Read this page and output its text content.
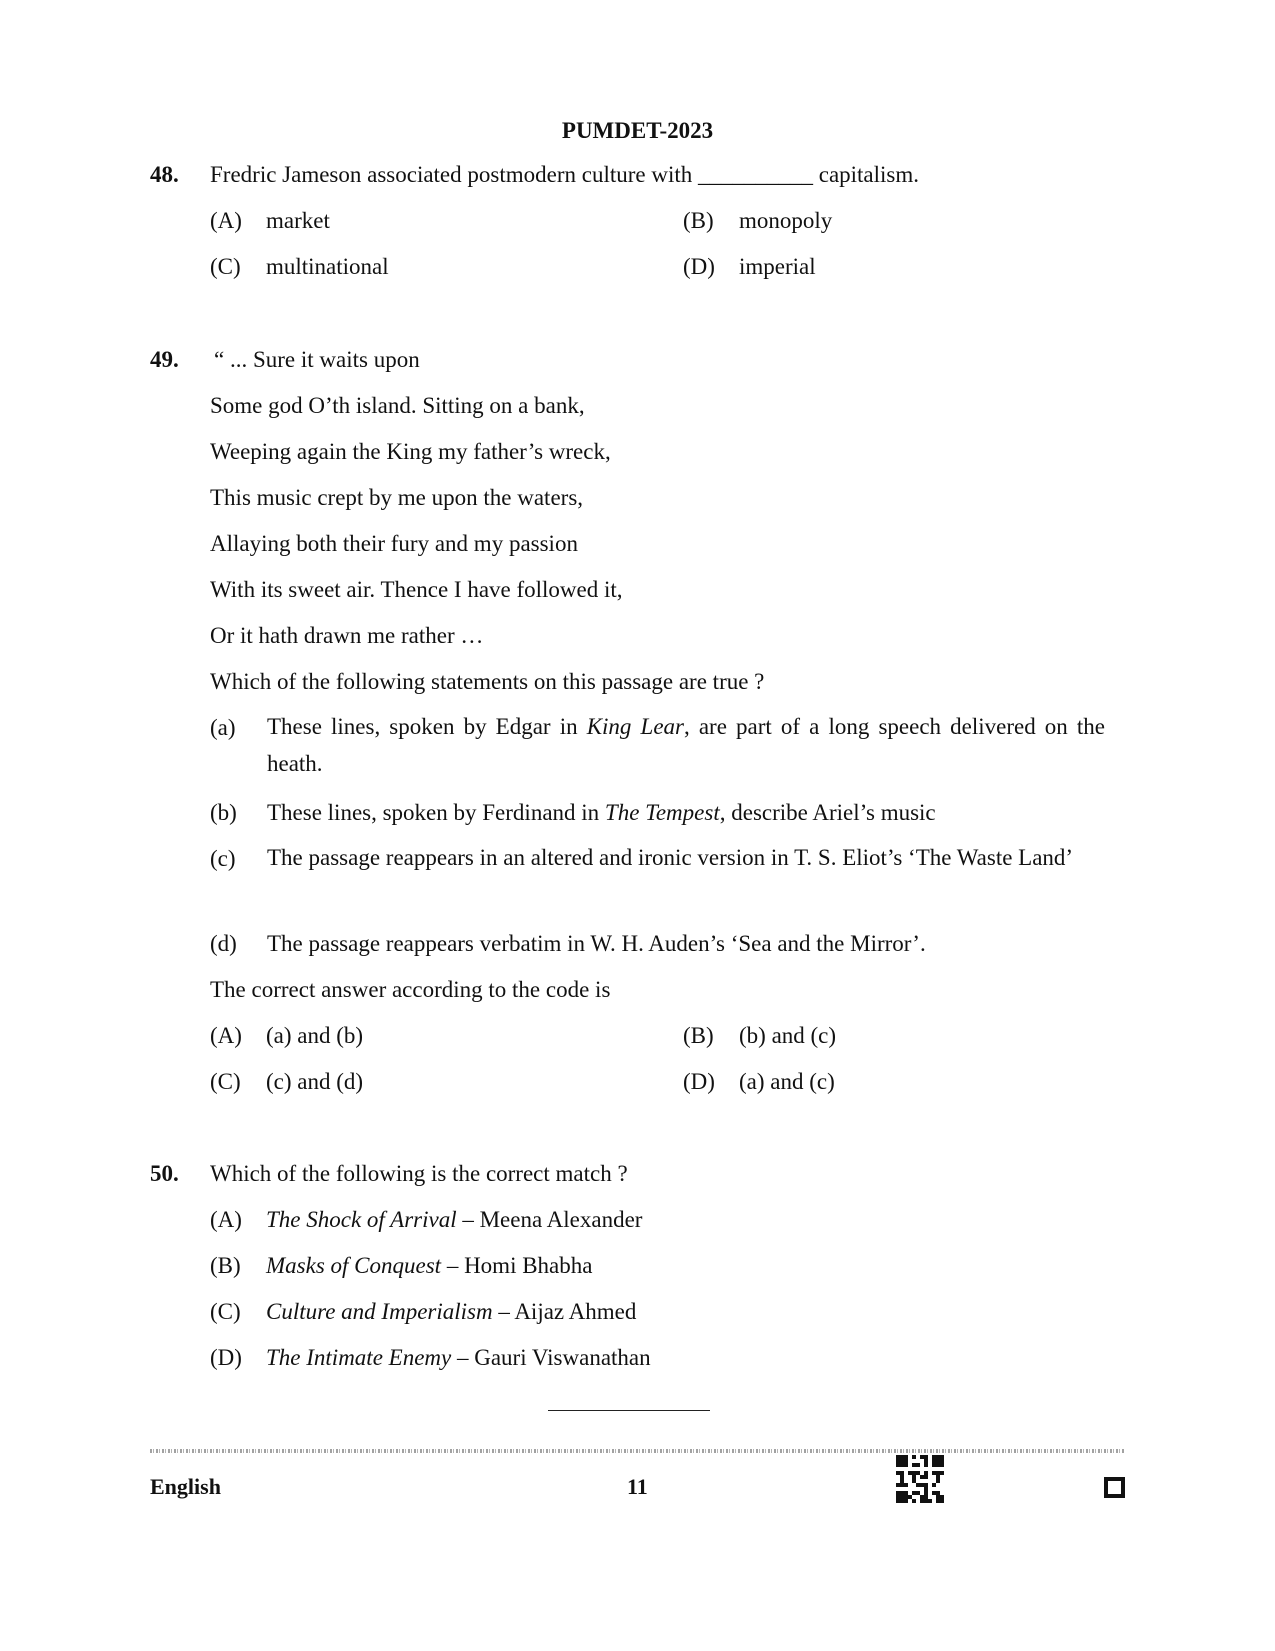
PUMDET-2023
48. Fredric Jameson associated postmodern culture with __________ capitalism.
(A) market	(B) monopoly
(C) multinational	(D) imperial
49. “ ... Sure it waits upon
Some god O’th island. Sitting on a bank,
Weeping again the King my father’s wreck,
This music crept by me upon the waters,
Allaying both their fury and my passion
With its sweet air. Thence I have followed it,
Or it hath drawn me rather …
Which of the following statements on this passage are true ?
(a) These lines, spoken by Edgar in King Lear, are part of a long speech delivered on the heath.
(b) These lines, spoken by Ferdinand in The Tempest, describe Ariel’s music
(c) The passage reappears in an altered and ironic version in T. S. Eliot’s ‘The Waste Land’
(d) The passage reappears verbatim in W. H. Auden’s ‘Sea and the Mirror’.
The correct answer according to the code is
(A) (a) and (b)	(B) (b) and (c)
(C) (c) and (d)	(D) (a) and (c)
50. Which of the following is the correct match ?
(A) The Shock of Arrival – Meena Alexander
(B) Masks of Conquest – Homi Bhabha
(C) Culture and Imperialism – Aijaz Ahmed
(D) The Intimate Enemy – Gauri Viswanathan
English	11
